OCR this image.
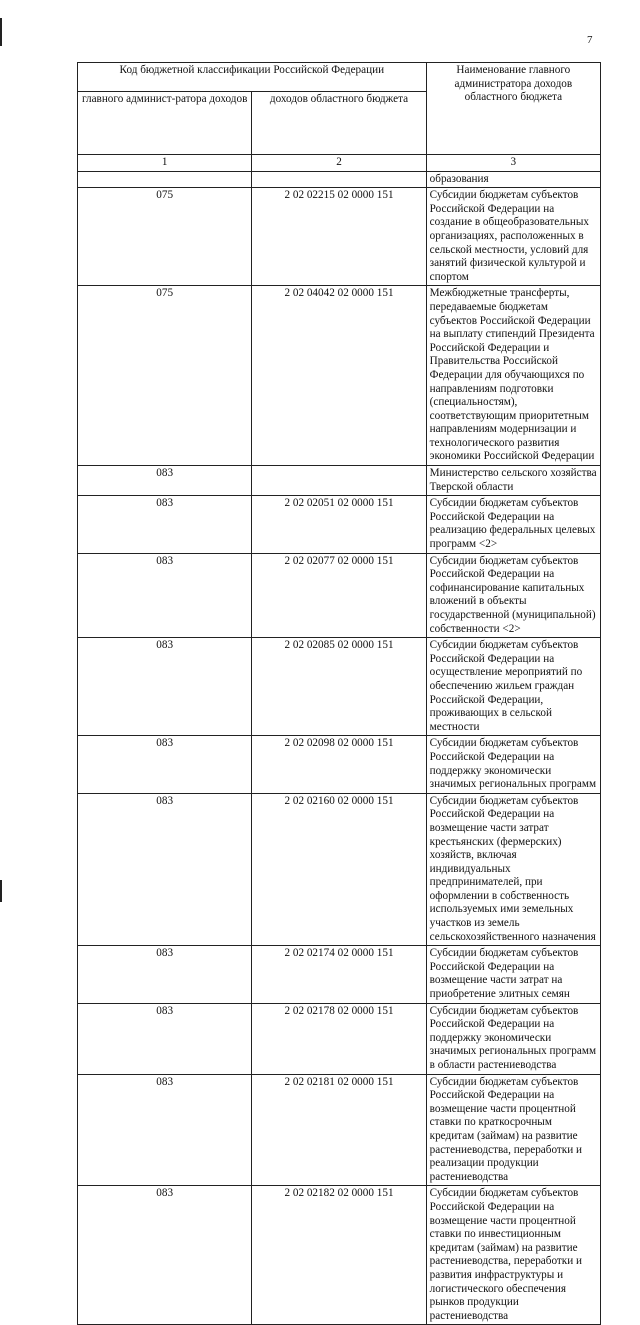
7
Код бюджетной классификации Российской Федерации		Наименование главного администратора доходов областного бюджета
главного админист-ратора доходов	доходов областного бюджета	
1	2	3
		образования
075	2 02 02215 02 0000 151	Субсидии бюджетам субъектов Российской Федерации на создание в общеобразовательных организациях, расположенных в сельской местности, условий для занятий физической культурой и спортом
075	2 02 04042 02 0000 151	Межбюджетные трансферты, передаваемые бюджетам субъектов Российской Федерации на выплату стипендий Президента Российской Федерации и Правительства Российской Федерации для обучающихся по направлениям подготовки (специальностям), соответствующим приоритетным направлениям модернизации и технологического развития экономики Российской Федерации
083		Министерство сельского хозяйства Тверской области
083	2 02 02051 02 0000 151	Субсидии бюджетам субъектов Российской Федерации на реализацию федеральных целевых программ <2>
083	2 02 02077 02 0000 151	Субсидии бюджетам субъектов Российской Федерации на софинансирование капитальных вложений в объекты государственной (муниципальной) собственности <2>
083	2 02 02085 02 0000 151	Субсидии бюджетам субъектов Российской Федерации на осуществление мероприятий по обеспечению жильем граждан Российской Федерации, проживающих в сельской местности
083	2 02 02098 02 0000 151	Субсидии бюджетам субъектов Российской Федерации на поддержку экономически значимых региональных программ
083	2 02 02160 02 0000 151	Субсидии бюджетам субъектов Российской Федерации на возмещение части затрат крестьянских (фермерских) хозяйств, включая индивидуальных предпринимателей, при оформлении в собственность используемых ими земельных участков из земель сельскохозяйственного назначения
083	2 02 02174 02 0000 151	Субсидии бюджетам субъектов Российской Федерации на возмещение части затрат на приобретение элитных семян
083	2 02 02178 02 0000 151	Субсидии бюджетам субъектов Российской Федерации на поддержку экономически значимых региональных программ в области растениеводства
083	2 02 02181 02 0000 151	Субсидии бюджетам субъектов Российской Федерации на возмещение части процентной ставки по краткосрочным кредитам (займам) на развитие растениеводства, переработки и реализации продукции растениеводства
083	2 02 02182 02 0000 151	Субсидии бюджетам субъектов Российской Федерации на возмещение части процентной ставки по инвестиционным кредитам (займам) на развитие растениеводства, переработки и развития инфраструктуры и логистического обеспечения рынков продукции растениеводства
